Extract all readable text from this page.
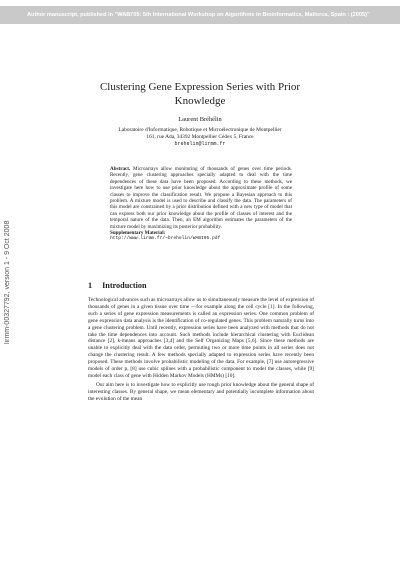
Author manuscript, published in "WABI'05: 5th International Workshop on Algorithms in Bioinformatics, Mallorca, Spain : (2005)"
lirmm-00327792, version 1 - 9 Oct 2008
Clustering Gene Expression Series with Prior
Knowledge
Laurent Bréhélin
Laboratoire d'Informatique, Robotique et Microélectronique de Montpellier
161, rue Ada, 34392 Montpellier Cédex 5, France
brehelin@lirmm.fr
Abstract. Microarrays allow monitoring of thousands of genes over time periods. Recently, gene clustering approaches specially adapted to deal with the time dependences of these data have been proposed. According to these methods, we investigate here how to use prior knowledge about the approximate profile of some classes to improve the classification result. We propose a Bayesian approach to this problem. A mixture model is used to describe and classify the data. The parameters of this model are constrained by a prior distribution defined with a new type of model that can express both our prior knowledge about the profile of classes of interest and the temporal nature of the data. Then, an EM algorithm estimates the parameters of the mixture model by maximizing its posterior probability.
Supplementary Material:
http://www.lirmm.fr/~brehelin/WABI05.pdf
1 Introduction

Technological advances such as microarrays allow us to simultaneously measure the level of expression of thousands of genes in a given tissue over time —for example along the cell cycle [1]. In the following, such a series of gene expression measurements is called an expression series. One common problem of gene expression data analysis is the identification of co-regulated genes. This problem naturally turns into a gene clustering problem. Until recently, expression series have been analyzed with methods that do not take the time dependences into account. Such methods include hierarchical clustering with Euclidean distance [2], k-means approaches [3,4] and the Self Organizing Maps [5,6]. Since these methods are unable to explicitly deal with the data order, permuting two or more time points in all series does not change the clustering result. A few methods specially adapted to expression series have recently been proposed. These methods involve probabilistic modeling of the data. For example, [7] use autoregressive models of order p, [8] use cubic splines with a probabilistic component to model the classes, while [9] model each class of gene with Hidden Markov Models (HMMs) [10].

Our aim here is to investigate how to explicitly use rough prior knowledge about the general shape of interesting classes. By general shape, we mean elementary and potentially incomplete information about the evolution of the mean
